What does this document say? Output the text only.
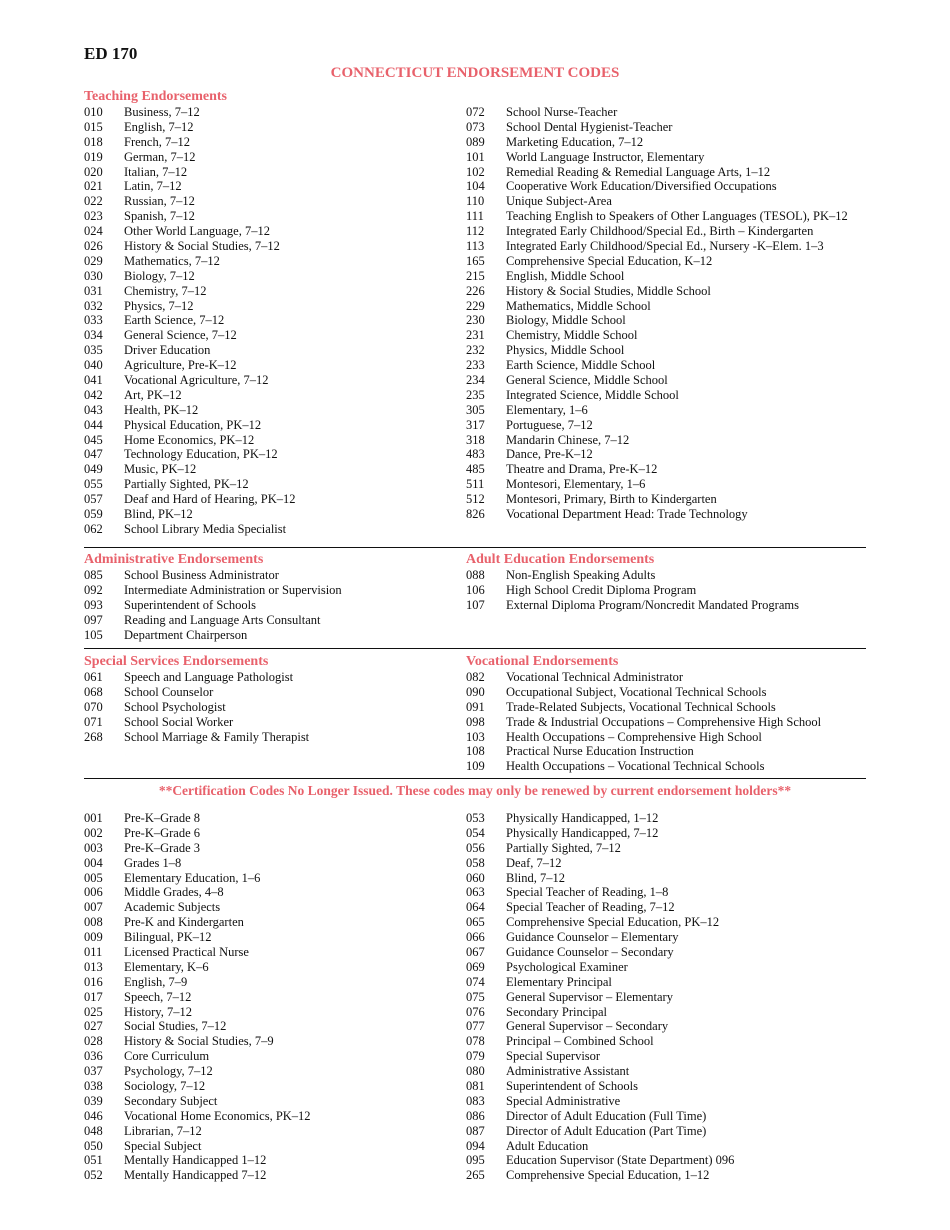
ED 170
CONNECTICUT ENDORSEMENT CODES
Teaching Endorsements
010	Business, 7–12
015	English, 7–12
018	French, 7–12
019	German, 7–12
020	Italian, 7–12
021	Latin, 7–12
022	Russian, 7–12
023	Spanish, 7–12
024	Other World Language, 7–12
026	History & Social Studies, 7–12
029	Mathematics, 7–12
030	Biology, 7–12
031	Chemistry, 7–12
032	Physics, 7–12
033	Earth Science, 7–12
034	General Science, 7–12
035	Driver Education
040	Agriculture, Pre-K–12
041	Vocational Agriculture, 7–12
042	Art, PK–12
043	Health, PK–12
044	Physical Education, PK–12
045	Home Economics, PK–12
047	Technology Education, PK–12
049	Music, PK–12
055	Partially Sighted, PK–12
057	Deaf and Hard of Hearing, PK–12
059	Blind, PK–12
062	School Library Media Specialist
072	School Nurse-Teacher
073	School Dental Hygienist-Teacher
089	Marketing Education, 7–12
101	World Language Instructor, Elementary
102	Remedial Reading & Remedial Language Arts, 1–12
104	Cooperative Work Education/Diversified Occupations
110	Unique Subject-Area
111	Teaching English to Speakers of Other Languages (TESOL), PK–12
112	Integrated Early Childhood/Special Ed., Birth – Kindergarten
113	Integrated Early Childhood/Special Ed., Nursery -K–Elem. 1–3
165	Comprehensive Special Education, K–12
215	English, Middle School
226	History & Social Studies, Middle School
229	Mathematics, Middle School
230	Biology, Middle School
231	Chemistry, Middle School
232	Physics, Middle School
233	Earth Science, Middle School
234	General Science, Middle School
235	Integrated Science, Middle School
305	Elementary, 1–6
317	Portuguese, 7–12
318	Mandarin Chinese, 7–12
483	Dance, Pre-K–12
485	Theatre and Drama, Pre-K–12
511	Montesori, Elementary, 1–6
512	Montesori, Primary, Birth to Kindergarten
826	Vocational Department Head: Trade Technology
Administrative Endorsements
085	School Business Administrator
092	Intermediate Administration or Supervision
093	Superintendent of Schools
097	Reading and Language Arts Consultant
105	Department Chairperson
Adult Education Endorsements
088	Non-English Speaking Adults
106	High School Credit Diploma Program
107	External Diploma Program/Noncredit Mandated Programs
Special Services Endorsements
061	Speech and Language Pathologist
068	School Counselor
070	School Psychologist
071	School Social Worker
268	School Marriage & Family Therapist
Vocational Endorsements
082	Vocational Technical Administrator
090	Occupational Subject, Vocational Technical Schools
091	Trade-Related Subjects, Vocational Technical Schools
098	Trade & Industrial Occupations – Comprehensive High School
103	Health Occupations – Comprehensive High School
108	Practical Nurse Education Instruction
109	Health Occupations – Vocational Technical Schools
**Certification Codes No Longer Issued. These codes may only be renewed by current endorsement holders**
001	Pre-K–Grade 8
002	Pre-K–Grade 6
003	Pre-K–Grade 3
004	Grades 1–8
005	Elementary Education, 1–6
006	Middle Grades, 4–8
007	Academic Subjects
008	Pre-K and Kindergarten
009	Bilingual, PK–12
011	Licensed Practical Nurse
013	Elementary, K–6
016	English, 7–9
017	Speech, 7–12
025	History, 7–12
027	Social Studies, 7–12
028	History & Social Studies, 7–9
036	Core Curriculum
037	Psychology, 7–12
038	Sociology, 7–12
039	Secondary Subject
046	Vocational Home Economics, PK–12
048	Librarian, 7–12
050	Special Subject
051	Mentally Handicapped 1–12
052	Mentally Handicapped 7–12
053	Physically Handicapped, 1–12
054	Physically Handicapped, 7–12
056	Partially Sighted, 7–12
058	Deaf, 7–12
060	Blind, 7–12
063	Special Teacher of Reading, 1–8
064	Special Teacher of Reading, 7–12
065	Comprehensive Special Education, PK–12
066	Guidance Counselor – Elementary
067	Guidance Counselor – Secondary
069	Psychological Examiner
074	Elementary Principal
075	General Supervisor – Elementary
076	Secondary Principal
077	General Supervisor – Secondary
078	Principal – Combined School
079	Special Supervisor
080	Administrative Assistant
081	Superintendent of Schools
083	Special Administrative
086	Director of Adult Education (Full Time)
087	Director of Adult Education (Part Time)
094	Adult Education
095	Education Supervisor (State Department) 096
265	Comprehensive Special Education, 1–12
